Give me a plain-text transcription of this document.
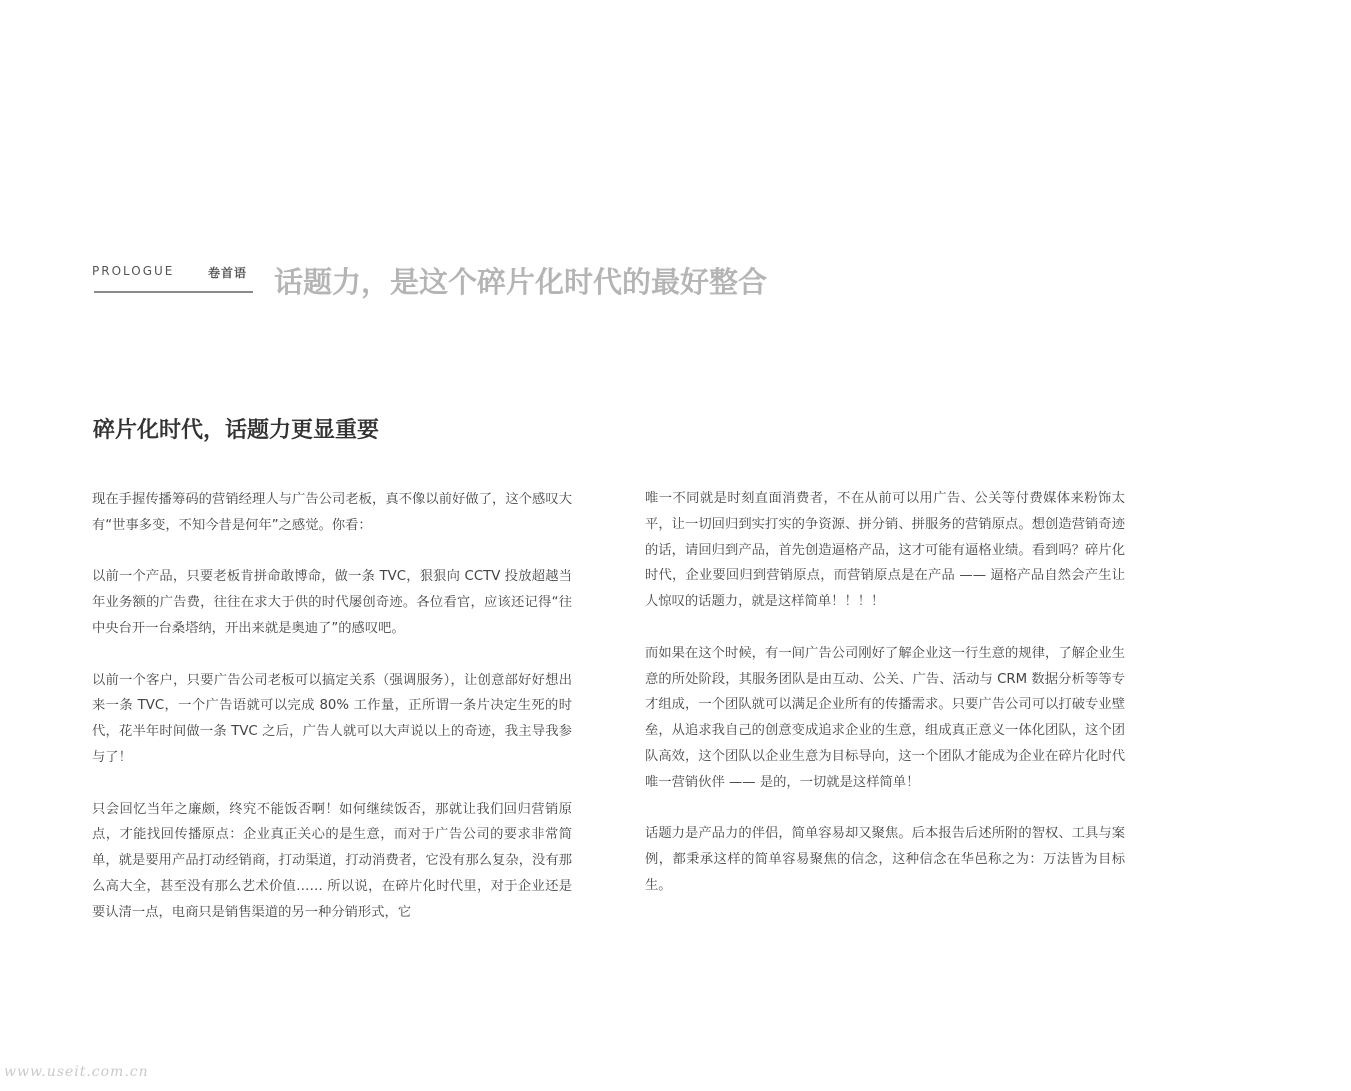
PROLOGUE	卷首语 话题力，是这个碎片化时代的最好整合
碎片化时代，话题力更显重要

现在手握传播筹码的营销经理人与广告公司老板，真不像以前好做了，这个感叹大有“世事多变，不知今昔是何年”之感觉。你看：

以前一个产品，只要老板肯拼命敢博命，做一条 TVC，狠狠向 CCTV 投放超越当年业务额的广告费，往往在求大于供的时代屡创奇迹。各位看官，应该还记得“往中央台开一台桑塔纳，开出来就是奥迪了”的感叹吧。

以前一个客户，只要广告公司老板可以搞定关系（强调服务），让创意部好好想出来一条 TVC，一个广告语就可以完成 80% 工作量，正所谓一条片决定生死的时代，花半年时间做一条 TVC 之后，广告人就可以大声说以上的奇迹，我主导我参与了！

只会回忆当年之廉颇，终究不能饭否啊！如何继续饭否，那就让我们回归营销原点，才能找回传播原点：企业真正关心的是生意，而对于广告公司的要求非常简单，就是要用产品打动经销商，打动渠道，打动消费者，它没有那么复杂，没有那么高大全，甚至没有那么艺术价值…… 所以说，在碎片化时代里，对于企业还是要认清一点，电商只是销售渠道的另一种分销形式，它

唯一不同就是时刻直面消费者，不在从前可以用广告、公关等付费媒体来粉饰太平，让一切回归到实打实的争资源、拼分销、拼服务的营销原点。想创造营销奇迹的话，请回归到产品，首先创造逼格产品，这才可能有逼格业绩。看到吗？碎片化时代，企业要回归到营销原点，而营销原点是在产品 —— 逼格产品自然会产生让人惊叹的话题力，就是这样简单！！！！

而如果在这个时候，有一间广告公司刚好了解企业这一行生意的规律，了解企业生意的所处阶段，其服务团队是由互动、公关、广告、活动与 CRM 数据分析等等专才组成，一个团队就可以满足企业所有的传播需求。只要广告公司可以打破专业壁垒，从追求我自己的创意变成追求企业的生意，组成真正意义一体化团队，这个团队高效，这个团队以企业生意为目标导向，这一个团队才能成为企业在碎片化时代唯一营销伙伴 —— 是的，一切就是这样简单！

话题力是产品力的伴侣，简单容易却又聚焦。后本报告后述所附的智权、工具与案例，都秉承这样的简单容易聚焦的信念，这种信念在华邑称之为：万法皆为目标生。

www.useit.com.cn
